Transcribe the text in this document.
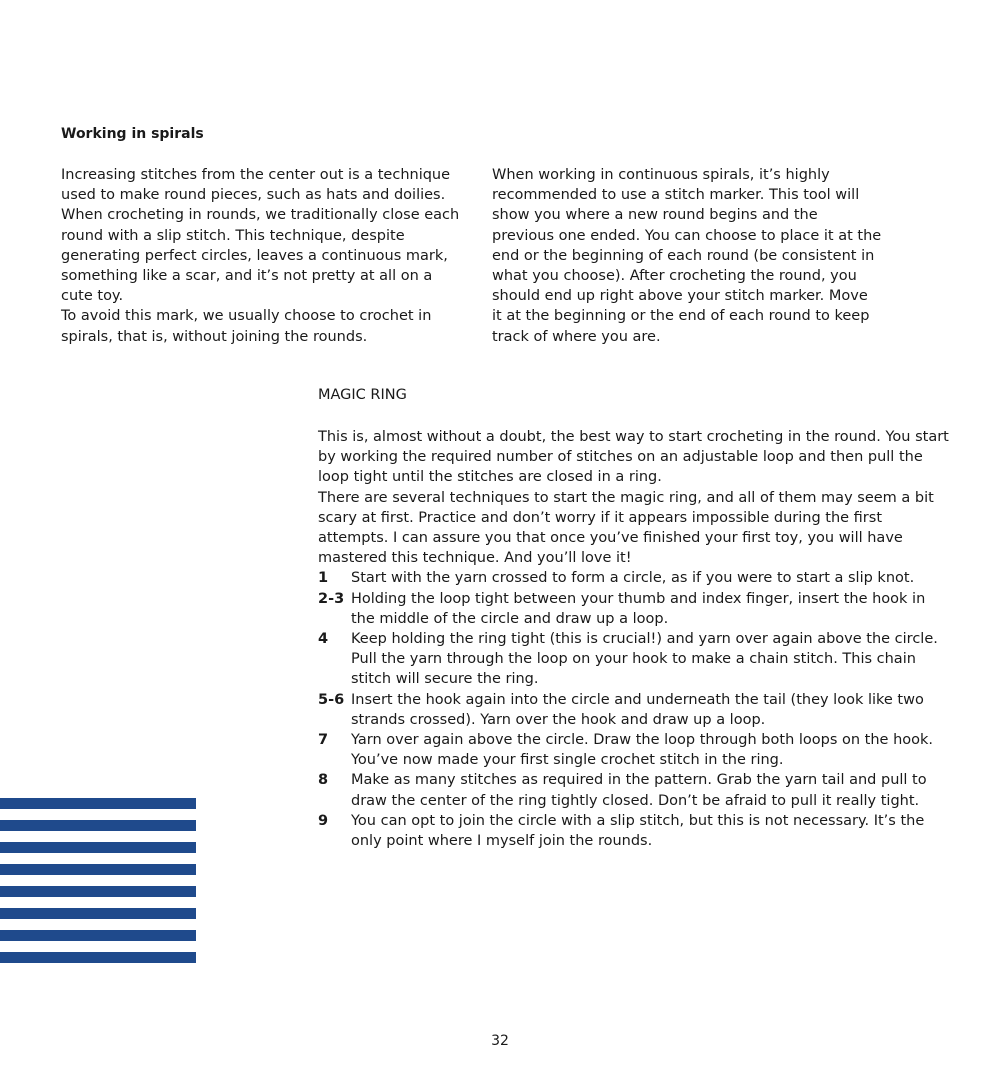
Working in spirals

Increasing stitches from the center out is a technique used to make round pieces, such as hats and doilies. When crocheting in rounds, we traditionally close each round with a slip stitch. This technique, despite generating perfect circles, leaves a continuous mark, something like a scar, and it’s not pretty at all on a cute toy.

To avoid this mark, we usually choose to crochet in spirals, that is, without joining the rounds.

When working in continuous spirals, it’s highly recommended to use a stitch marker. This tool will show you where a new round begins and the previous one ended. You can choose to place it at the end or the beginning of each round (be consistent in what you choose). After crocheting the round, you should end up right above your stitch marker. Move it at the beginning or the end of each round to keep track of where you are.

MAGIC RING

This is, almost without a doubt, the best way to start crocheting in the round. You start by working the required number of stitches on an adjustable loop and then pull the loop tight until the stitches are closed in a ring.

There are several techniques to start the magic ring, and all of them may seem a bit scary at first. Practice and don’t worry if it appears impossible during the first attempts. I can assure you that once you’ve finished your first toy, you will have mastered this technique. And you’ll love it!

1	Start with the yarn crossed to form a circle, as if you were to start a slip knot.
2-3 Holding the loop tight between your thumb and index finger, insert the hook in the middle of the circle and draw up a loop.
4	Keep holding the ring tight (this is crucial!) and yarn over again above the circle. Pull the yarn through the loop on your hook to make a chain stitch. This chain stitch will secure the ring.
5-6 Insert the hook again into the circle and underneath the tail (they look like two strands crossed). Yarn over the hook and draw up a loop.
7	Yarn over again above the circle. Draw the loop through both loops on the hook. You’ve now made your first single crochet stitch in the ring.
8	Make as many stitches as required in the pattern. Grab the yarn tail and pull to draw the center of the ring tightly closed. Don’t be afraid to pull it really tight.
9	You can opt to join the circle with a slip stitch, but this is not necessary. It’s the only point where I myself join the rounds.
32
